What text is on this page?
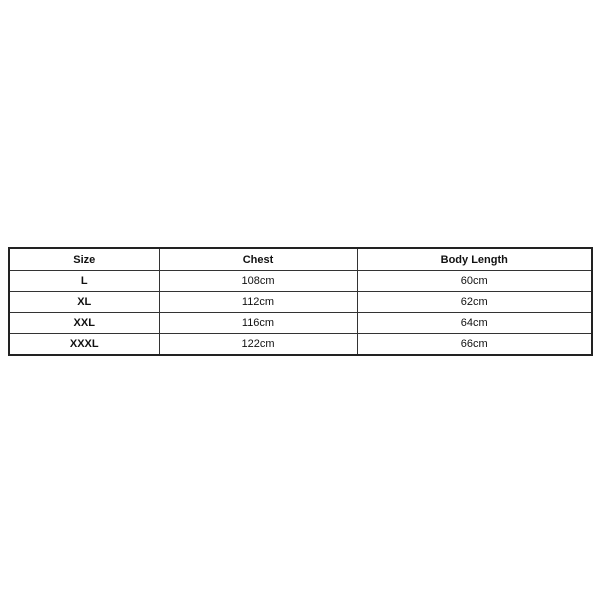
Size	Chest	Body Length
L	108cm	60cm
XL	112cm	62cm
XXL	116cm	64cm
XXXL	122cm	66cm
